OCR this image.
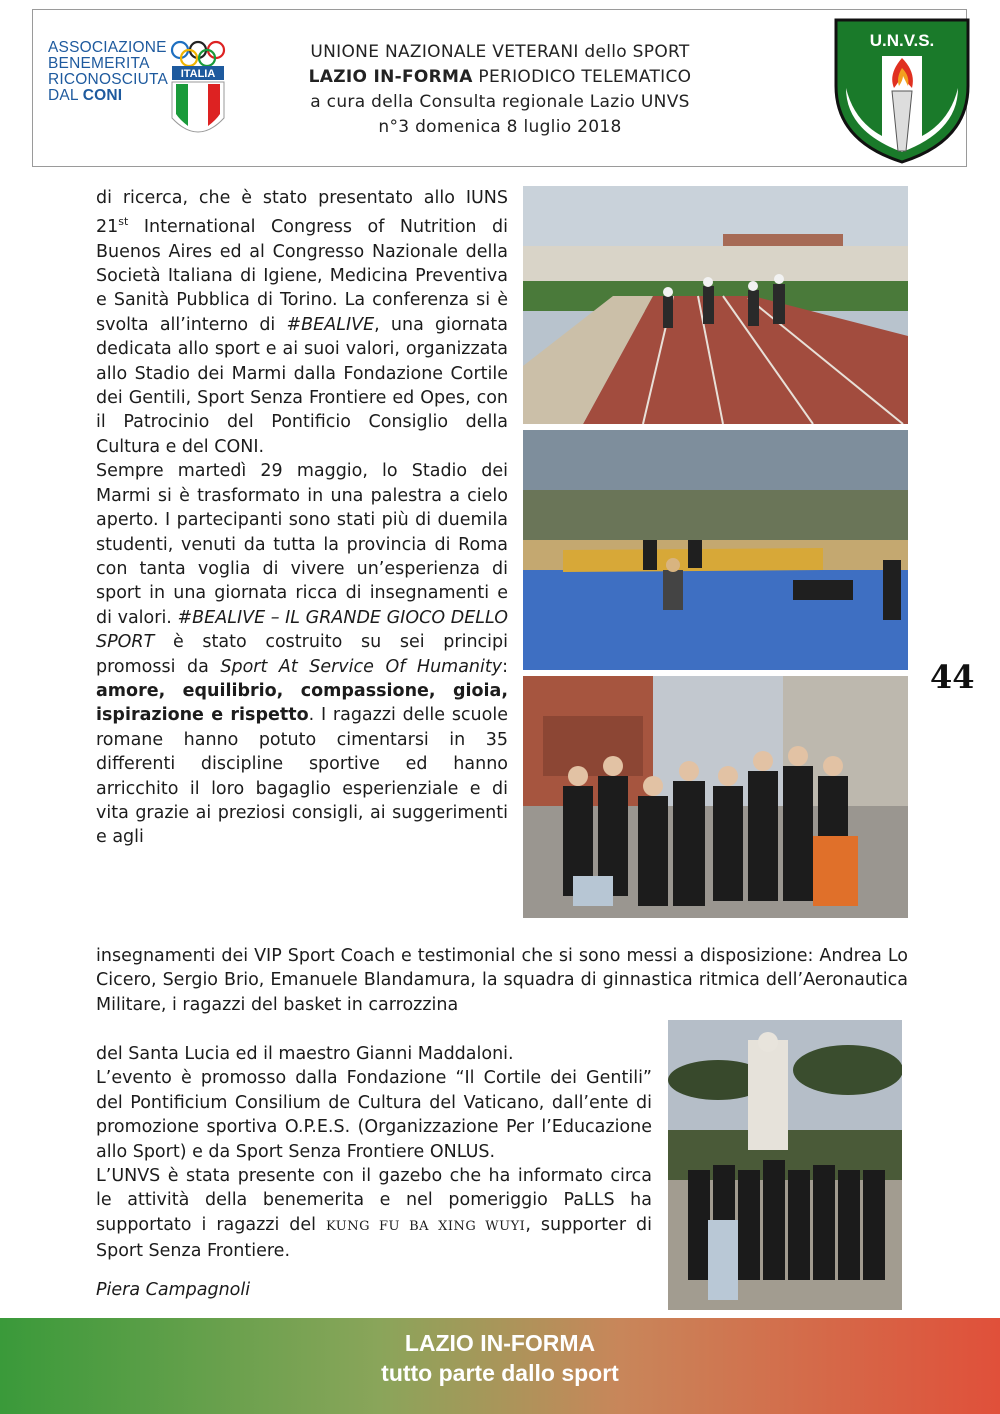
ITALIA
ASSOCIAZIONE
BENEMERITA
RICONOSCIUTA
DAL CONI
UNIONE NAZIONALE VETERANI dello SPORT
LAZIO IN-FORMA PERIODICO TELEMATICO
a cura della Consulta regionale Lazio UNVS
n°3 domenica 8 luglio 2018
U.N.V.S.

di ricerca, che è stato presentato allo IUNS 21st International Congress of Nutrition di Buenos Aires ed al Congresso Nazionale della Società Italiana di Igiene, Medicina Preventiva e Sanità Pubblica di Torino. La conferenza si è svolta all’interno di #BEALIVE, una giornata dedicata allo sport e ai suoi valori, organizzata allo Stadio dei Marmi dalla Fondazione Cortile dei Gentili, Sport Senza Frontiere ed Opes, con il Patrocinio del Pontificio Consiglio della Cultura e del CONI.

Sempre martedì 29 maggio, lo Stadio dei Marmi si è trasformato in una palestra a cielo aperto. I partecipanti sono stati più di duemila studenti, venuti da tutta la provincia di Roma con tanta voglia di vivere un’esperienza di sport in una giornata ricca di insegnamenti e di valori. #BEALIVE – IL GRANDE GIOCO DELLO SPORT è stato costruito su sei principi promossi da Sport At Service Of Humanity: amore, equilibrio, compassione, gioia, ispirazione e rispetto. I ragazzi delle scuole romane hanno potuto cimentarsi in 35 differenti discipline sportive ed hanno arricchito il loro bagaglio esperienziale e di vita grazie ai preziosi consigli, ai suggerimenti e agli

insegnamenti dei VIP Sport Coach e testimonial che si sono messi a disposizione: Andrea Lo Cicero, Sergio Brio, Emanuele Blandamura, la squadra di ginnastica ritmica dell’Aeronautica Militare, i ragazzi del basket in carrozzina

del Santa Lucia ed il maestro Gianni Maddaloni.

L’evento è promosso dalla Fondazione “Il Cortile dei Gentili” del Pontificium Consilium de Cultura del Vaticano, dall’ente di promozione sportiva O.P.E.S. (Organizzazione Per l’Educazione allo Sport) e da Sport Senza Frontiere ONLUS.

L’UNVS è stata presente con il gazebo che ha informato circa le attività della benemerita e nel pomeriggio PaLLS ha supportato i ragazzi del KUNG FU BA XING WUYI, supporter di Sport Senza Frontiere.

Piera Campagnoli
44
LAZIO IN-FORMA
tutto parte dallo sport
